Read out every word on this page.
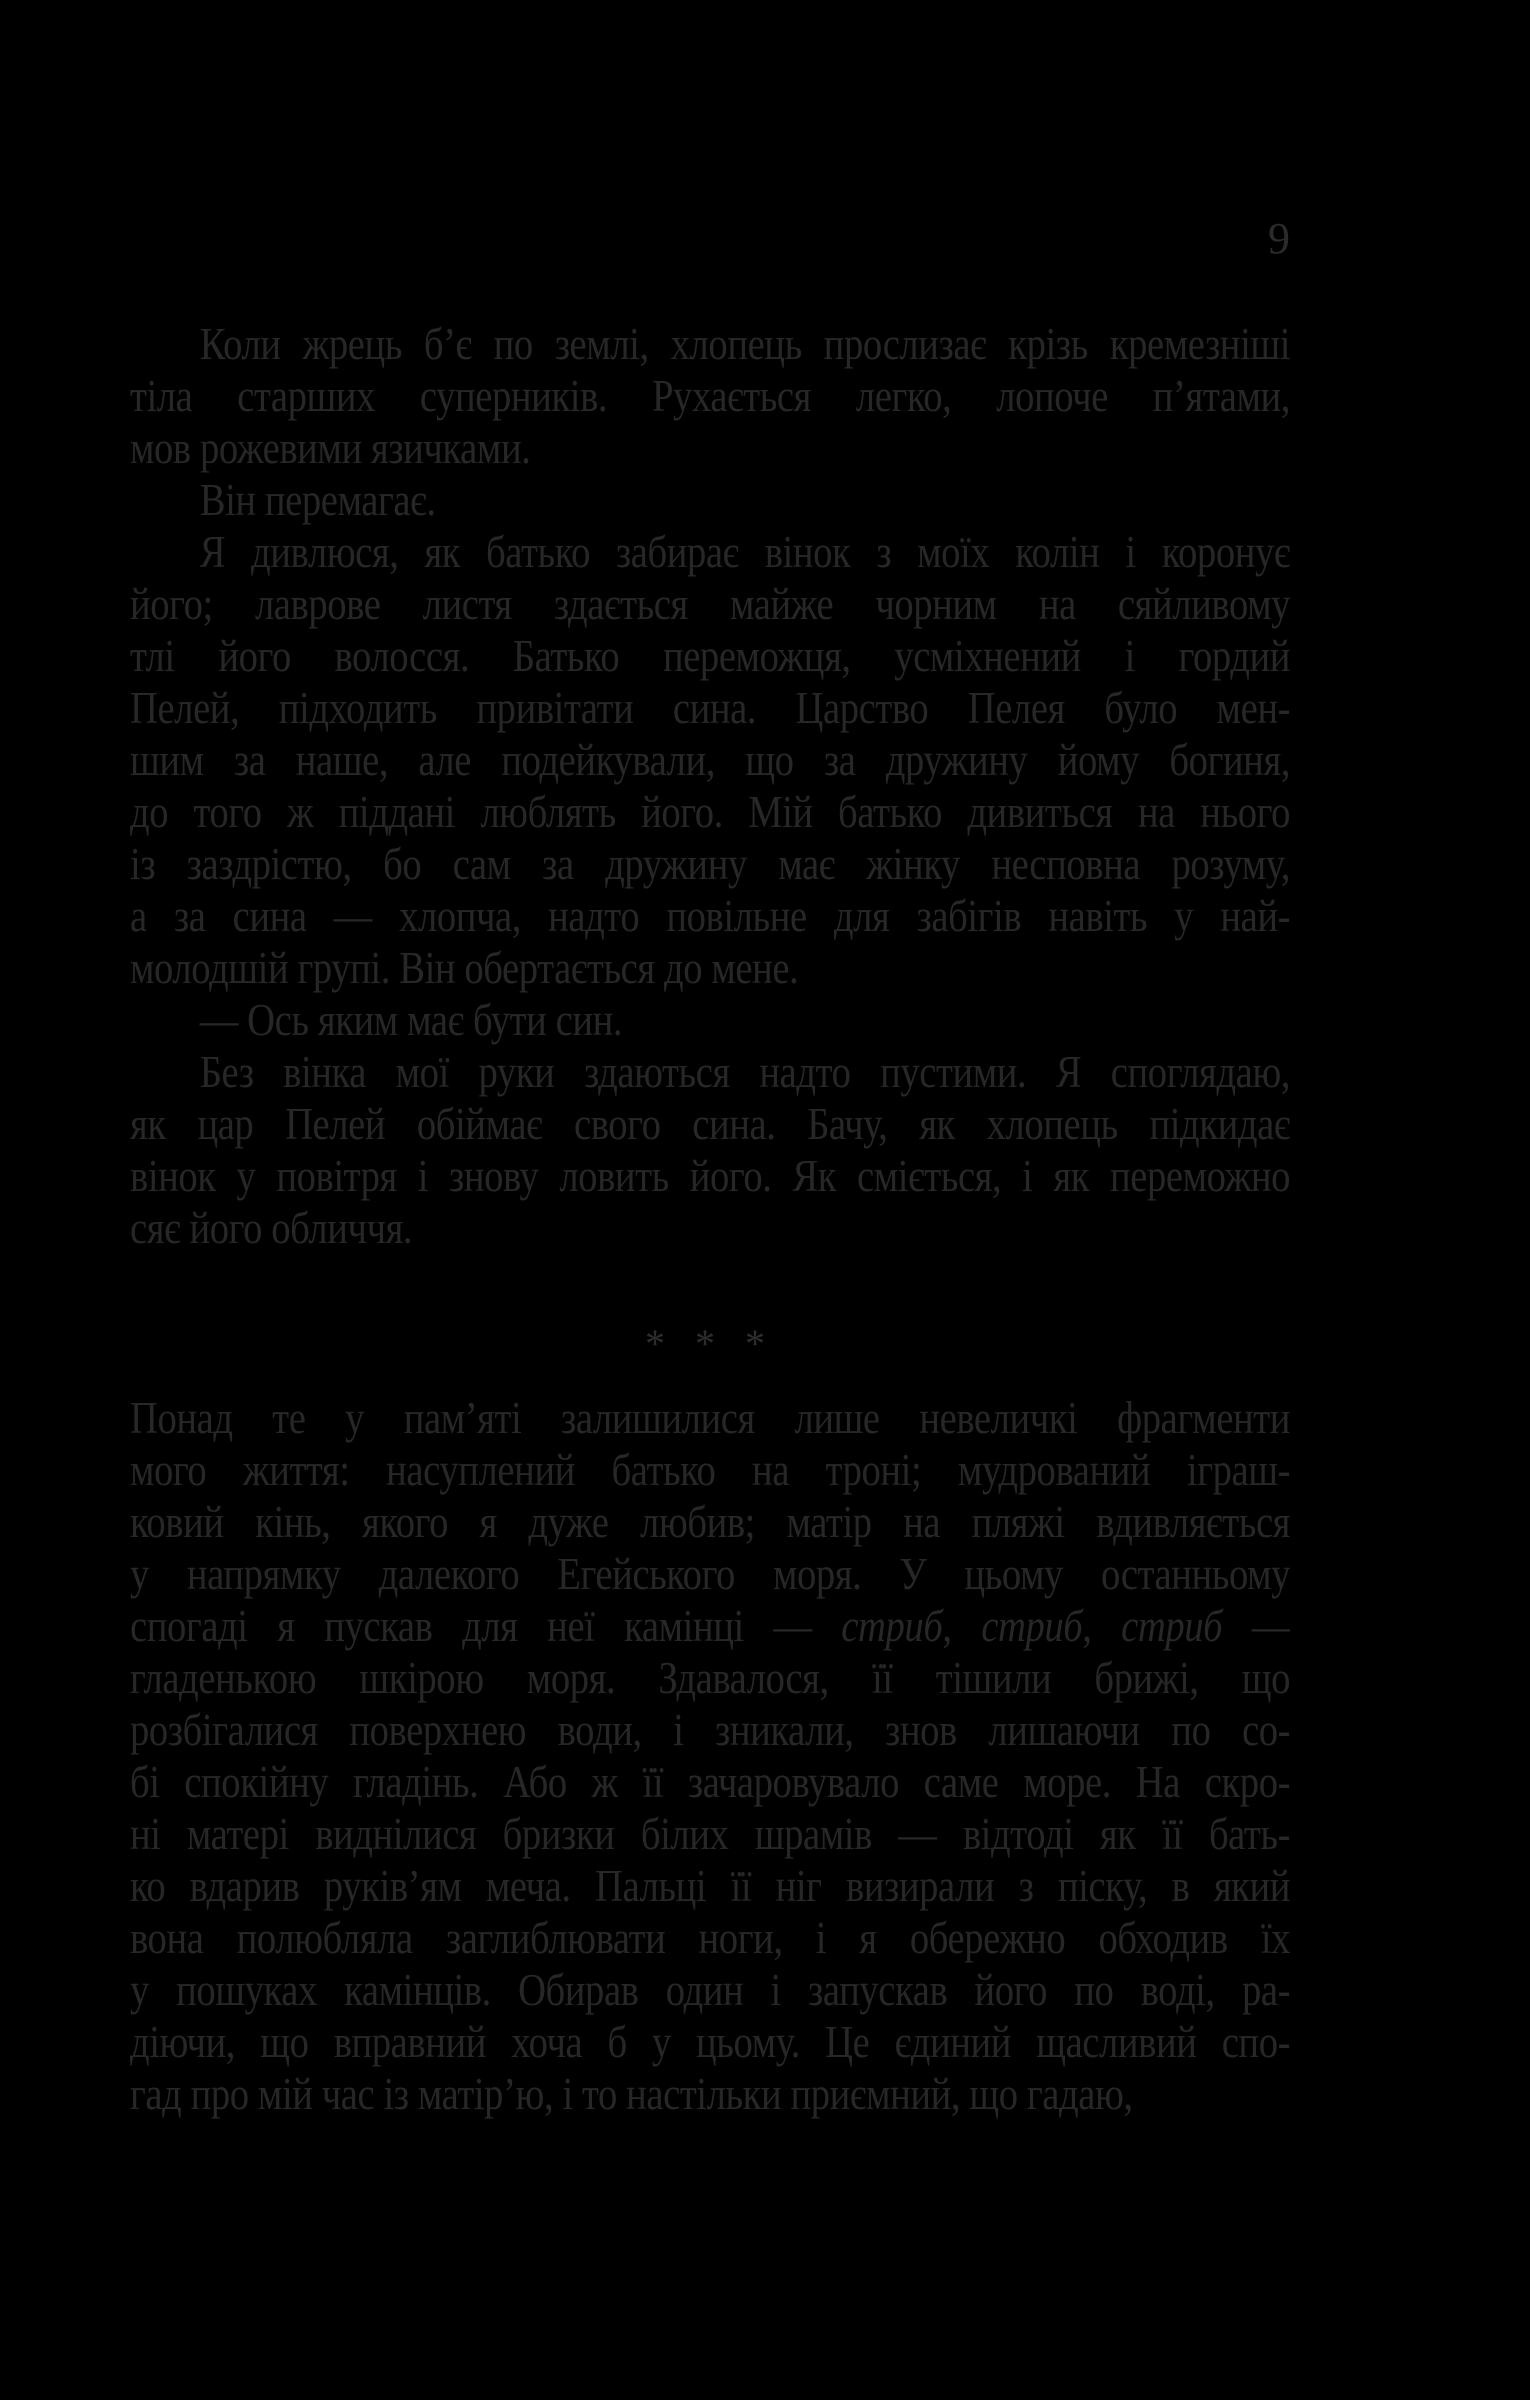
9
Коли жрець б’є по землі, хлопець прослизає крізь кремезніші
тіла старших суперників. Рухається легко, лопоче п’ятами,
мов рожевими язичками.
Він перемагає.
Я дивлюся, як батько забирає вінок з моїх колін і коронує
його; лаврове листя здається майже чорним на сяйливому
тлі його волосся. Батько переможця, усміхнений і гордий
Пелей, підходить привітати сина. Царство Пелея було мен-
шим за наше, але подейкували, що за дружину йому богиня,
до того ж піддані люблять його. Мій батько дивиться на нього
із заздрістю, бо сам за дружину має жінку несповна розуму,
а за сина — хлопча, надто повільне для забігів навіть у най-
молодшій групі. Він обертається до мене.
— Ось яким має бути син.
Без вінка мої руки здаються надто пустими. Я споглядаю,
як цар Пелей обіймає свого сина. Бачу, як хлопець підкидає
вінок у повітря і знову ловить його. Як сміється, і як переможно
сяє його обличчя.
* * *
Понад те у пам’яті залишилися лише невеличкі фрагменти
мого життя: насуплений батько на троні; мудрований іграш-
ковий кінь, якого я дуже любив; матір на пляжі вдивляється
у напрямку далекого Егейського моря. У цьому останньому
спогаді я пускав для неї камінці — стриб, стриб, стриб —
гладенькою шкірою моря. Здавалося, її тішили брижі, що
розбігалися поверхнею води, і зникали, знов лишаючи по со-
бі спокійну гладінь. Або ж її зачаровувало саме море. На скро-
ні матері виднілися бризки білих шрамів — відтоді як її бать-
ко вдарив руків’ям меча. Пальці її ніг визирали з піску, в який
вона полюбляла заглиблювати ноги, і я обережно обходив їх
у пошуках камінців. Обирав один і запускав його по воді, ра-
діючи, що вправний хоча б у цьому. Це єдиний щасливий спо-
гад про мій час із матір’ю, і то настільки приємний, що гадаю,
